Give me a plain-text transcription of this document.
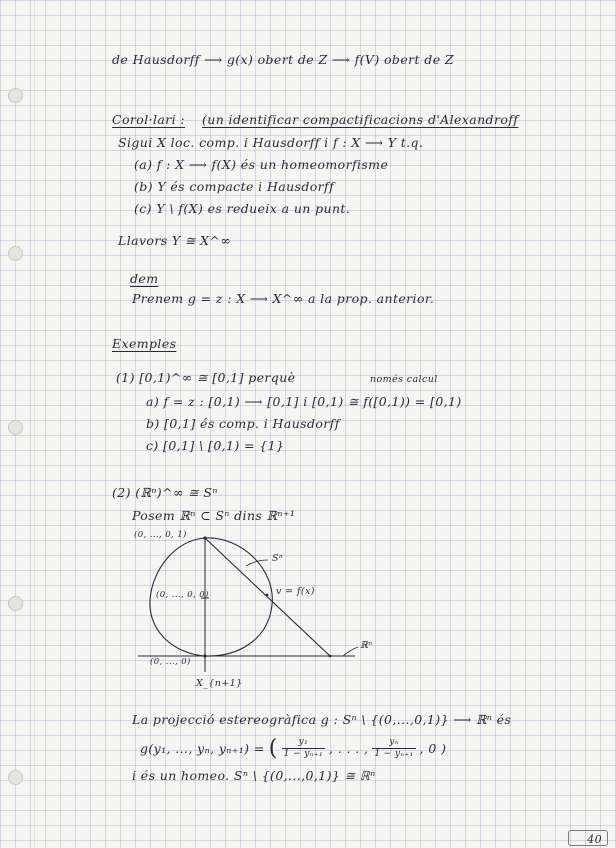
de Hausdorff ⟶ g(x) obert de Z ⟶ f(V) obert de Z
Corol·lari : (un identificar compactificacions d'Alexandroff
Sigui X loc. comp. i Hausdorff i f : X ⟶ Y t.q.
(a) f : X ⟶ f(X) és un homeomorfisme
(b) Y és compacte i Hausdorff
(c) Y \ f(X) es redueix a un punt.
Llavors Y ≅ X^∞
dem
Prenem g = z : X ⟶ X^∞ a la prop. anterior.
Exemples
(1) [0,1)^∞ ≅ [0,1] perquè	només calcul
a) f = z : [0,1) ⟶ [0,1] i [0,1) ≅ f([0,1)) = [0,1)
b) [0,1] és comp. i Hausdorff
c) [0,1] \ [0,1) = {1}
(2) (ℝⁿ)^∞ ≅ Sⁿ
Posem ℝⁿ ⊂ Sⁿ dins ℝⁿ⁺¹
(0, ..., 0, 1)
(0, ..., 0, 0)
(0, ..., 0)
Sⁿ
v = f(x)
ℝⁿ
X_{n+1}
La projecció estereogràfica g : Sⁿ \ {(0,...,0,1)} ⟶ ℝⁿ és
g(y₁, ..., yₙ, yₙ₊₁) = ( $\frac{\text{y₁}}{\text{1 − yₙ₊₁}}$ , . . . , $\frac{\text{yₙ}}{\text{1 − yₙ₊₁}}$ , 0 )
i és un homeo. Sⁿ \ {(0,...,0,1)} ≅ ℝⁿ
40
